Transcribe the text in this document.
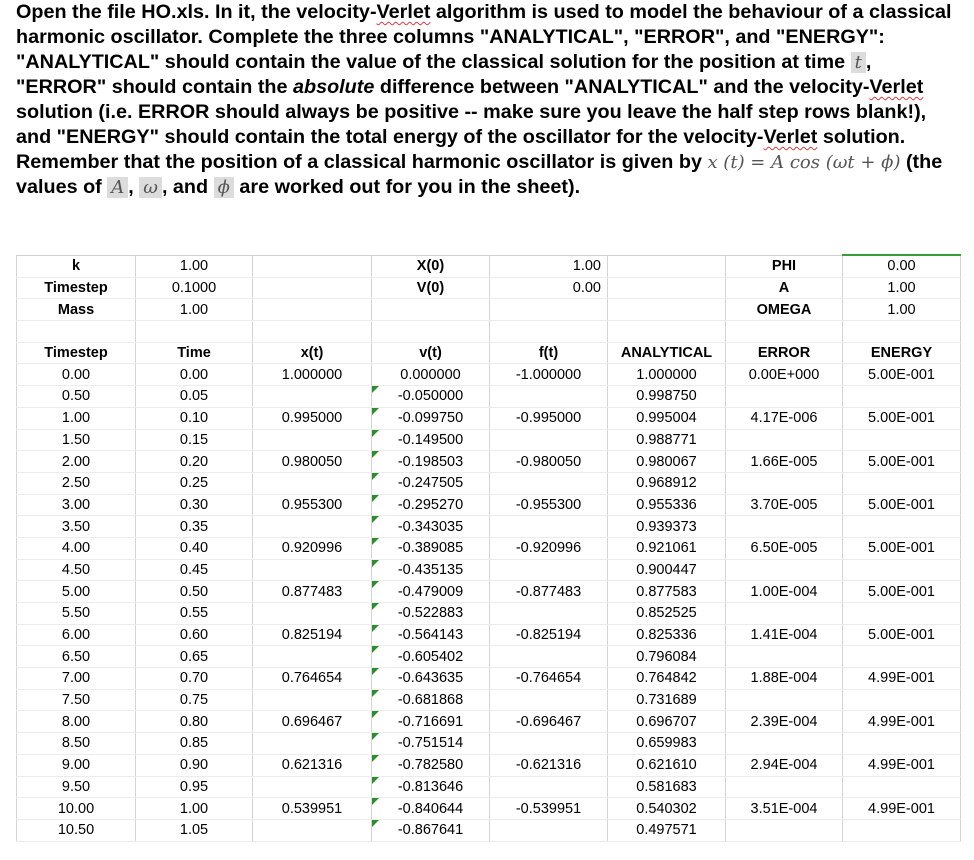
Open the file HO.xls. In it, the velocity-Verlet algorithm is used to model the behaviour of a classical harmonic oscillator. Complete the three columns "ANALYTICAL", "ERROR", and "ENERGY": "ANALYTICAL" should contain the value of the classical solution for the position at time t , "ERROR" should contain the absolute difference between "ANALYTICAL" and the velocity-Verlet solution (i.e. ERROR should always be positive -- make sure you leave the half step rows blank!), and "ENERGY" should contain the total energy of the oscillator for the velocity-Verlet solution. Remember that the position of a classical harmonic oscillator is given by x (t) = A cos (ωt + ϕ) (the values of A , ω , and ϕ are worked out for you in the sheet).
k	1.00		X(0)	1.00		PHI	0.00
Timestep	0.1000		V(0)	0.00		A	1.00
Mass	1.00					OMEGA	1.00

Timestep	Time	x(t)	v(t)	f(t)	ANALYTICAL	ERROR	ENERGY
0.00	0.00	1.000000	0.000000	-1.000000	1.000000	0.00E+000	5.00E-001
0.50	0.05		-0.050000		0.998750		
1.00	0.10	0.995000	-0.099750	-0.995000	0.995004	4.17E-006	5.00E-001
1.50	0.15		-0.149500		0.988771		
2.00	0.20	0.980050	-0.198503	-0.980050	0.980067	1.66E-005	5.00E-001
2.50	0.25		-0.247505		0.968912		
3.00	0.30	0.955300	-0.295270	-0.955300	0.955336	3.70E-005	5.00E-001
3.50	0.35		-0.343035		0.939373		
4.00	0.40	0.920996	-0.389085	-0.920996	0.921061	6.50E-005	5.00E-001
4.50	0.45		-0.435135		0.900447		
5.00	0.50	0.877483	-0.479009	-0.877483	0.877583	1.00E-004	5.00E-001
5.50	0.55		-0.522883		0.852525		
6.00	0.60	0.825194	-0.564143	-0.825194	0.825336	1.41E-004	5.00E-001
6.50	0.65		-0.605402		0.796084		
7.00	0.70	0.764654	-0.643635	-0.764654	0.764842	1.88E-004	4.99E-001
7.50	0.75		-0.681868		0.731689		
8.00	0.80	0.696467	-0.716691	-0.696467	0.696707	2.39E-004	4.99E-001
8.50	0.85		-0.751514		0.659983		
9.00	0.90	0.621316	-0.782580	-0.621316	0.621610	2.94E-004	4.99E-001
9.50	0.95		-0.813646		0.581683		
10.00	1.00	0.539951	-0.840644	-0.539951	0.540302	3.51E-004	4.99E-001
10.50	1.05		-0.867641		0.497571		
